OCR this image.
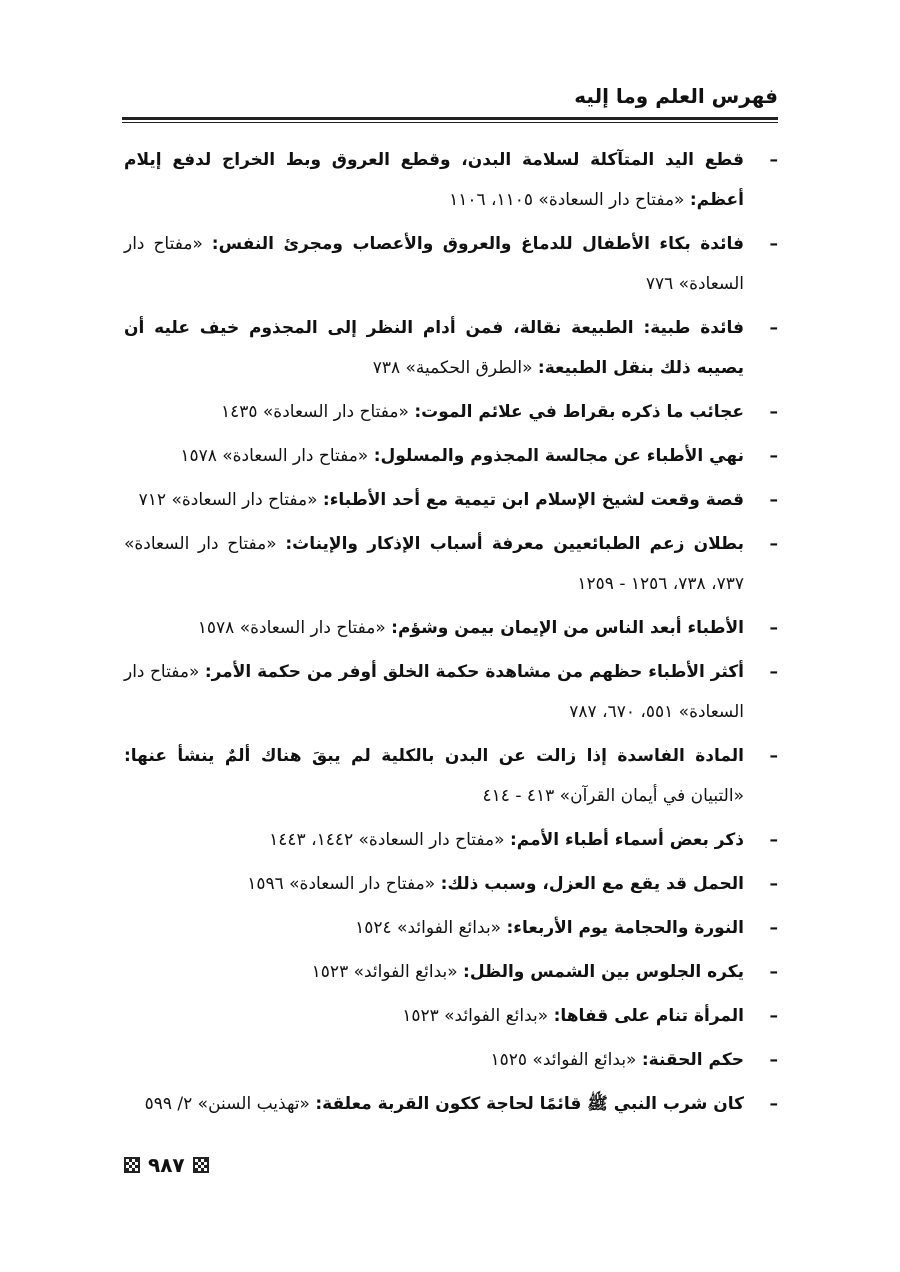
فهرس العلم وما إليه
–
قطع اليد المتآكلة لسلامة البدن، وقطع العروق وبط الخراج لدفع إيلام أعظم: «مفتاح دار السعادة» ١١٠٥، ١١٠٦
–
فائدة بكاء الأطفال للدماغ والعروق والأعصاب ومجرئ النفس: «مفتاح دار السعادة» ٧٧٦
–
فائدة طبية: الطبيعة نقالة، فمن أدام النظر إلى المجذوم خيف عليه أن يصيبه ذلك بنقل الطبيعة: «الطرق الحكمية» ٧٣٨
–
عجائب ما ذكره بقراط في علائم الموت: «مفتاح دار السعادة» ١٤٣٥
–
نهي الأطباء عن مجالسة المجذوم والمسلول: «مفتاح دار السعادة» ١٥٧٨
–
قصة وقعت لشيخ الإسلام ابن تيمية مع أحد الأطباء: «مفتاح دار السعادة» ٧١٢
–
بطلان زعم الطبائعيين معرفة أسباب الإذكار والإيناث: «مفتاح دار السعادة» ٧٣٧، ٧٣٨، ١٢٥٦ - ١٢٥٩
–
الأطباء أبعد الناس من الإيمان بيمن وشؤم: «مفتاح دار السعادة» ١٥٧٨
–
أكثر الأطباء حظهم من مشاهدة حكمة الخلق أوفر من حكمة الأمر: «مفتاح دار السعادة» ٥٥١، ٦٧٠، ٧٨٧
–
المادة الفاسدة إذا زالت عن البدن بالكلية لم يبقَ هناك ألمٌ ينشأ عنها: «التبيان في أيمان القرآن» ٤١٣ - ٤١٤
–
ذكر بعض أسماء أطباء الأمم: «مفتاح دار السعادة» ١٤٤٢، ١٤٤٣
–
الحمل قد يقع مع العزل، وسبب ذلك: «مفتاح دار السعادة» ١٥٩٦
–
النورة والحجامة يوم الأربعاء: «بدائع الفوائد» ١٥٢٤
–
يكره الجلوس بين الشمس والظل: «بدائع الفوائد» ١٥٢٣
–
المرأة تنام على قفاها: «بدائع الفوائد» ١٥٢٣
–
حكم الحقنة: «بدائع الفوائد» ١٥٢٥
–
كان شرب النبي ﷺ قائمًا لحاجة ككون القربة معلقة: «تهذيب السنن» ٢/ ٥٩٩
٩٨٧
